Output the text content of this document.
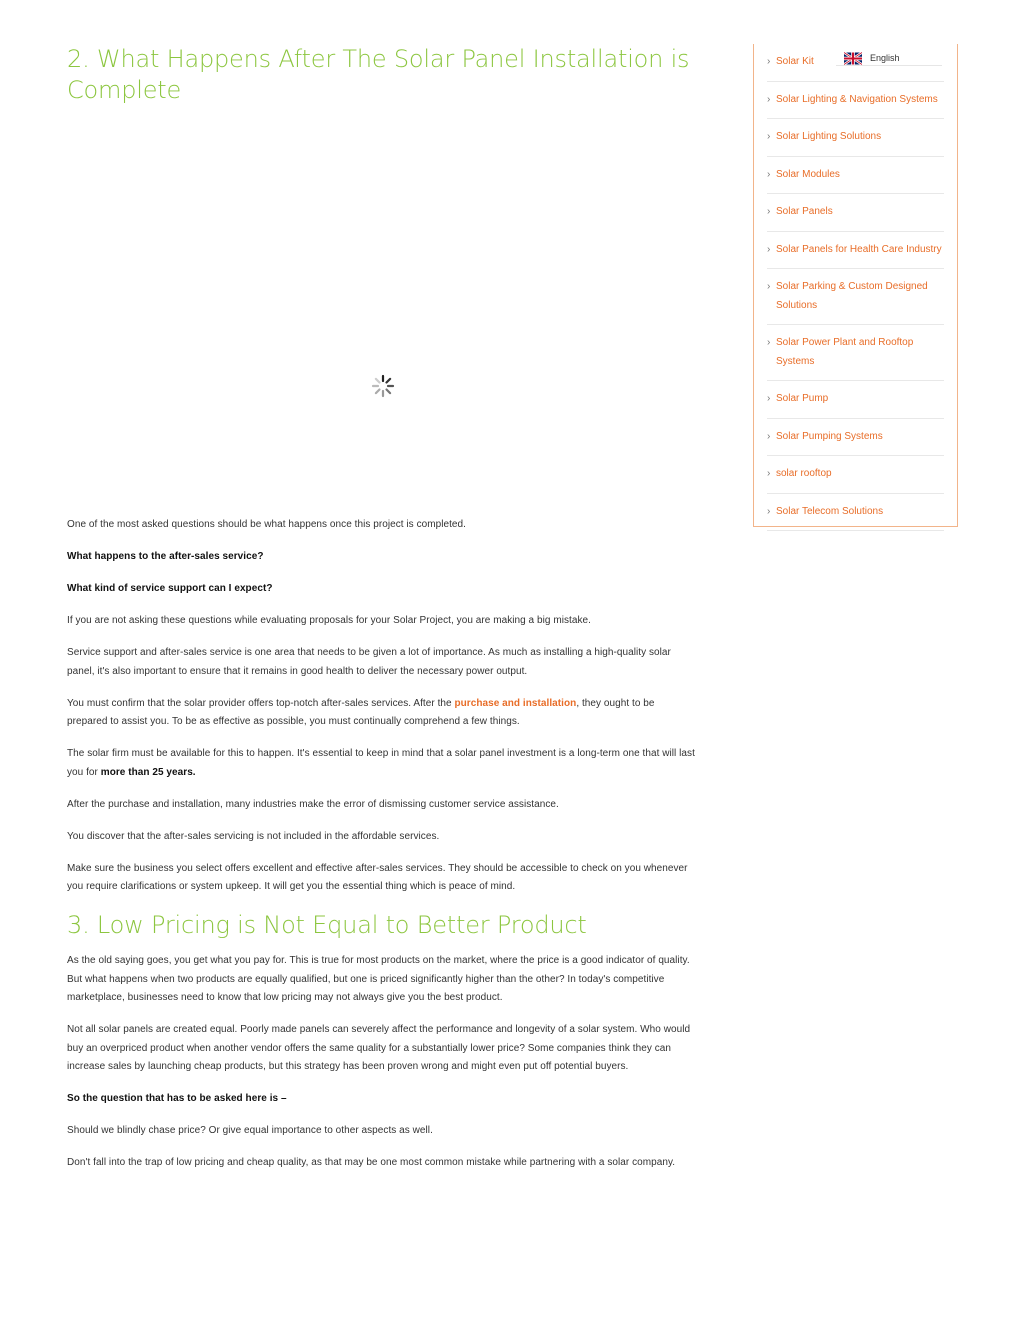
2. What Happens After The Solar Panel Installation is Complete

One of the most asked questions should be what happens once this project is completed.

What happens to the after-sales service?

What kind of service support can I expect?

If you are not asking these questions while evaluating proposals for your Solar Project, you are making a big mistake.

Service support and after-sales service is one area that needs to be given a lot of importance. As much as installing a high-quality solar panel, it's also important to ensure that it remains in good health to deliver the necessary power output.

You must confirm that the solar provider offers top-notch after-sales services. After the purchase and installation, they ought to be prepared to assist you. To be as effective as possible, you must continually comprehend a few things.

The solar firm must be available for this to happen. It's essential to keep in mind that a solar panel investment is a long-term one that will last you for more than 25 years.

After the purchase and installation, many industries make the error of dismissing customer service assistance.

You discover that the after-sales servicing is not included in the affordable services.

Make sure the business you select offers excellent and effective after-sales services. They should be accessible to check on you whenever you require clarifications or system upkeep. It will get you the essential thing which is peace of mind.

3. Low Pricing is Not Equal to Better Product

As the old saying goes, you get what you pay for. This is true for most products on the market, where the price is a good indicator of quality. But what happens when two products are equally qualified, but one is priced significantly higher than the other? In today's competitive marketplace, businesses need to know that low pricing may not always give you the best product.

Not all solar panels are created equal. Poorly made panels can severely affect the performance and longevity of a solar system. Who would buy an overpriced product when another vendor offers the same quality for a substantially lower price? Some companies think they can increase sales by launching cheap products, but this strategy has been proven wrong and might even put off potential buyers.

So the question that has to be asked here is –

Should we blindly chase price? Or give equal importance to other aspects as well.

Don't fall into the trap of low pricing and cheap quality, as that may be one most common mistake while partnering with a solar company.

› Solar Kit
› Solar Lighting & Navigation Systems
› Solar Lighting Solutions
› Solar Modules
› Solar Panels
› Solar Panels for Health Care Industry
› Solar Parking & Custom Designed Solutions
› Solar Power Plant and Rooftop Systems
› Solar Pump
› Solar Pumping Systems
› solar rooftop
› Solar Telecom Solutions
English
